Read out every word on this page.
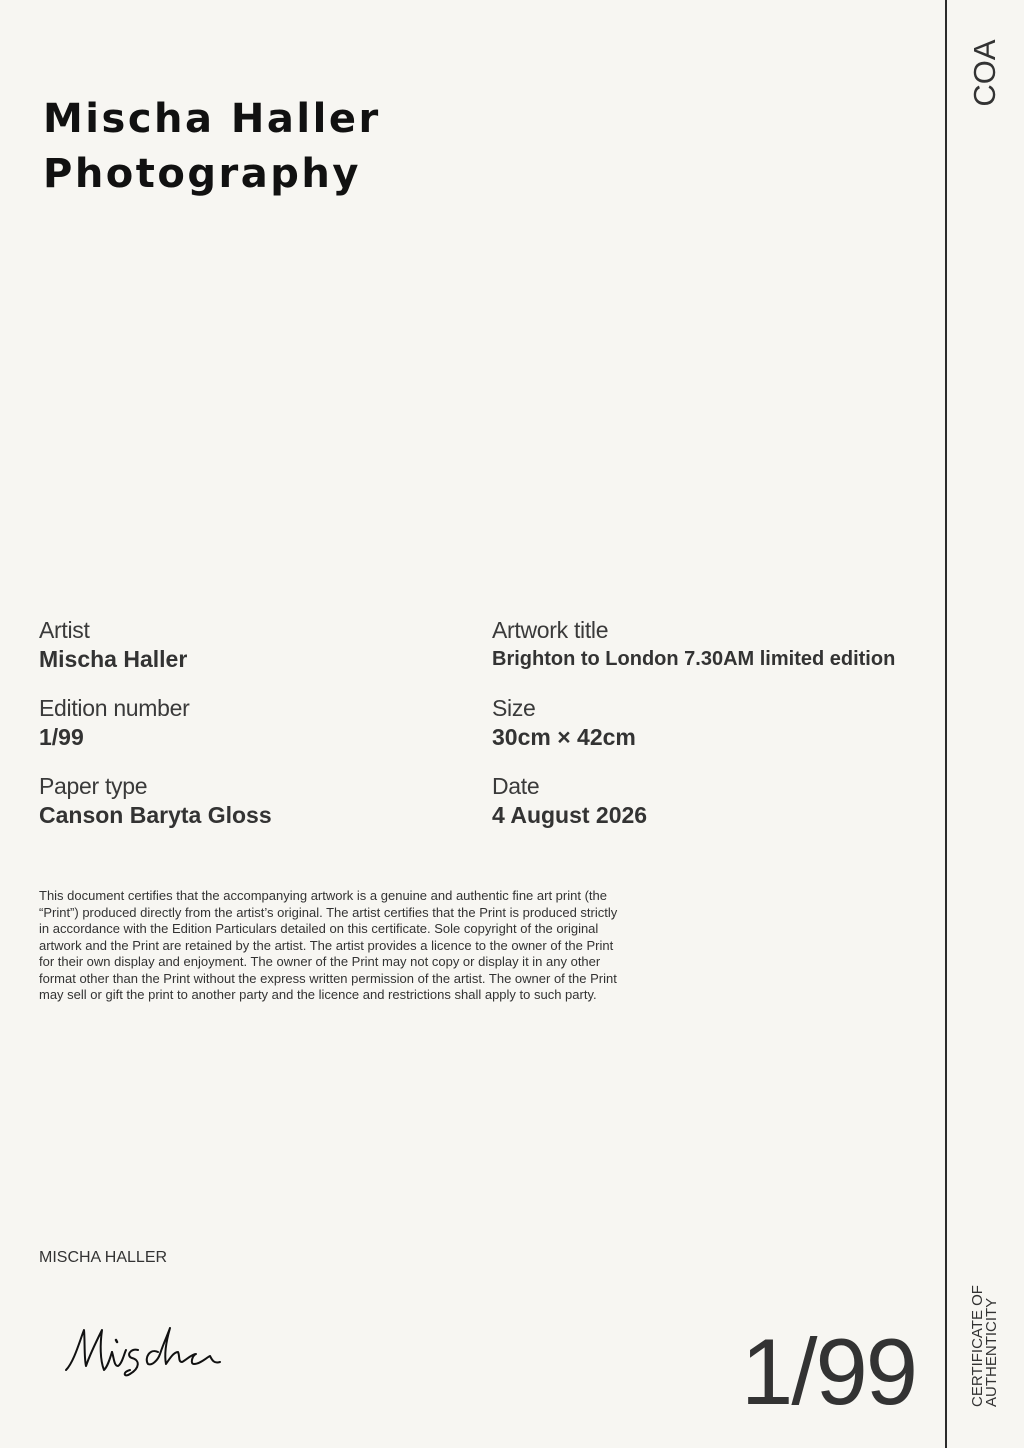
Mischa Haller
Photography
Artist
Mischa Haller
Artwork title
Brighton to London 7.30AM limited edition
Edition number
1/99
Size
30cm × 42cm
Paper type
Canson Baryta Gloss
Date
4 August 2026
This document certifies that the accompanying artwork is a genuine and authentic fine art print (the “Print”) produced directly from the artist’s original. The artist certifies that the Print is produced strictly in accordance with the Edition Particulars detailed on this certificate. Sole copyright of the original artwork and the Print are retained by the artist. The artist provides a licence to the owner of the Print for their own display and enjoyment. The owner of the Print may not copy or display it in any other format other than the Print without the express written permission of the artist. The owner of the Print may sell or gift the print to another party and the licence and restrictions shall apply to such party.
MISCHA HALLER
1/99
COA
CERTIFICATE OF
AUTHENTICITY
